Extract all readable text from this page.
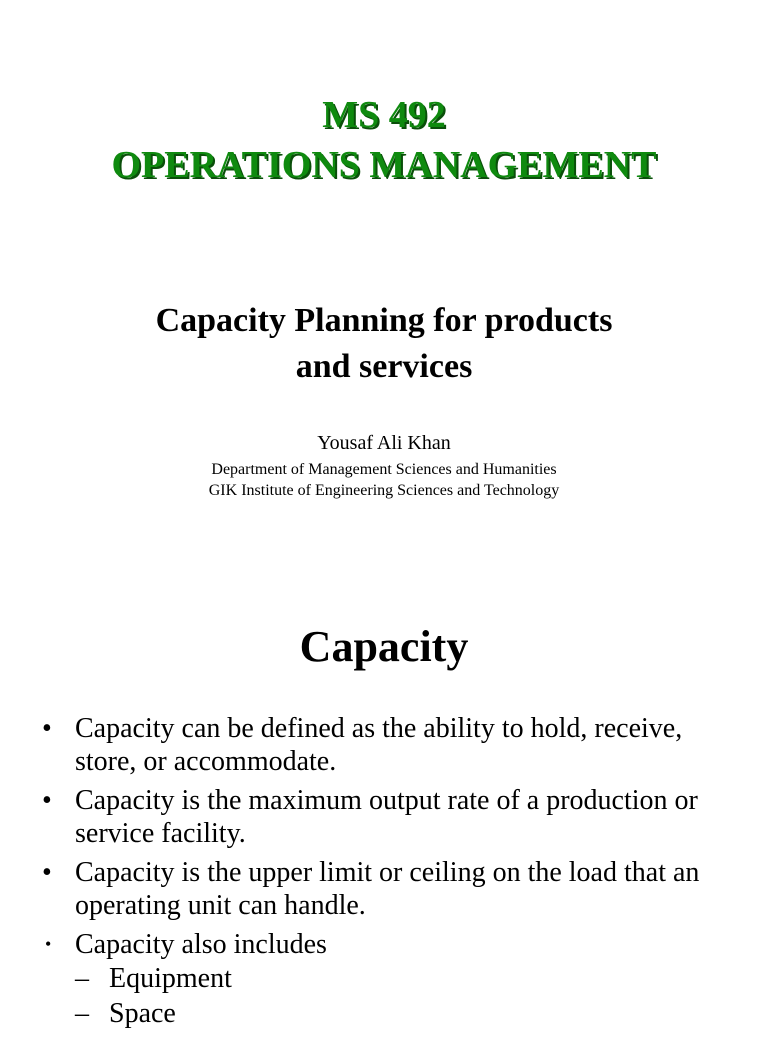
MS 492
OPERATIONS MANAGEMENT
Capacity Planning for products
and services
Yousaf Ali Khan
Department of Management Sciences and Humanities
GIK Institute of Engineering Sciences and Technology
Capacity
• Capacity can be defined as the ability to hold, receive, store, or accommodate.
• Capacity is the maximum output rate of a production or service facility.
• Capacity is the upper limit or ceiling on the load that an operating unit can handle.
• Capacity also includes
– Equipment
– Space
